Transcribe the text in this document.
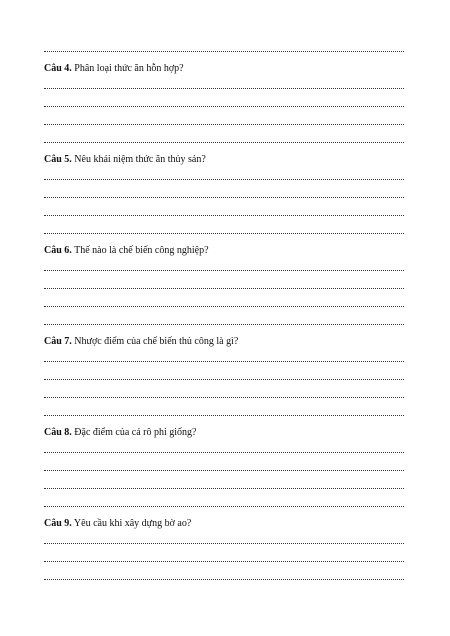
Câu 4. Phân loại thức ăn hỗn hợp?
Câu 5. Nêu khái niệm thức ăn thủy sản?
Câu 6. Thế nào là chế biến công nghiệp?
Câu 7. Nhược điểm của chế biến thủ công là gì?
Câu 8. Đặc điểm của cá rô phi giống?
Câu 9. Yêu cầu khi xây dựng bờ ao?
